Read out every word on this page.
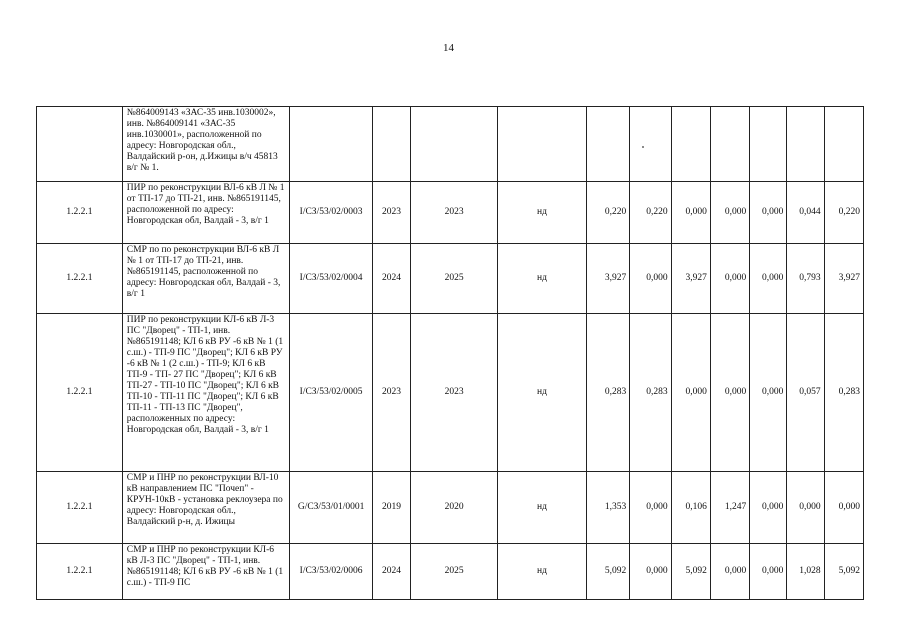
14
	№864009143 «ЗАС-35 инв.1030002», инв. №864009141 «ЗАС-35 инв.1030001», расположенной по адресу: Новгородская обл., Валдайский р-он, д.Ижицы в/ч 45813 в/г № 1.											
1.2.2.1	ПИР по реконструкции ВЛ-6 кВ Л № 1 от ТП-17 до ТП-21, инв. №865191145, расположенной по адресу: Новгородская обл, Валдай - 3, в/г 1	I/СЗ/53/02/0003	2023	2023	нд	0,220	0,220	0,000	0,000	0,000	0,044	0,220
1.2.2.1	СМР по по реконструкции ВЛ-6 кВ Л № 1 от ТП-17 до ТП-21, инв. №865191145, расположенной по адресу: Новгородская обл, Валдай - 3, в/г 1	I/СЗ/53/02/0004	2024	2025	нд	3,927	0,000	3,927	0,000	0,000	0,793	3,927
1.2.2.1	ПИР по реконструкции КЛ-6 кВ Л-3 ПС "Дворец" - ТП-1, инв. №865191148; КЛ 6 кВ РУ -6 кВ № 1 (1 с.ш.) - ТП-9 ПС "Дворец"; КЛ 6 кВ РУ -6 кВ № 1 (2 с.ш.) - ТП-9; КЛ 6 кВ ТП-9 - ТП- 27 ПС "Дворец"; КЛ 6 кВ ТП-27 - ТП-10 ПС "Дворец"; КЛ 6 кВ ТП-10 - ТП-11 ПС "Дворец"; КЛ 6 кВ ТП-11 - ТП-13 ПС "Дворец", расположенных по адресу: Новгородская обл, Валдай - 3, в/г 1	I/СЗ/53/02/0005	2023	2023	нд	0,283	0,283	0,000	0,000	0,000	0,057	0,283
1.2.2.1	СМР и ПНР по реконструкции ВЛ-10 кВ направлением ПС "Почеп" - КРУН-10кВ - установка реклоузера по адресу: Новгородская обл., Валдайский р-н, д. Ижицы	G/СЗ/53/01/0001	2019	2020	нд	1,353	0,000	0,106	1,247	0,000	0,000	0,000
1.2.2.1	СМР и ПНР по реконструкции КЛ-6 кВ Л-3 ПС "Дворец" - ТП-1, инв. №865191148; КЛ 6 кВ РУ -6 кВ № 1 (1 с.ш.) - ТП-9 ПС	I/СЗ/53/02/0006	2024	2025	нд	5,092	0,000	5,092	0,000	0,000	1,028	5,092
